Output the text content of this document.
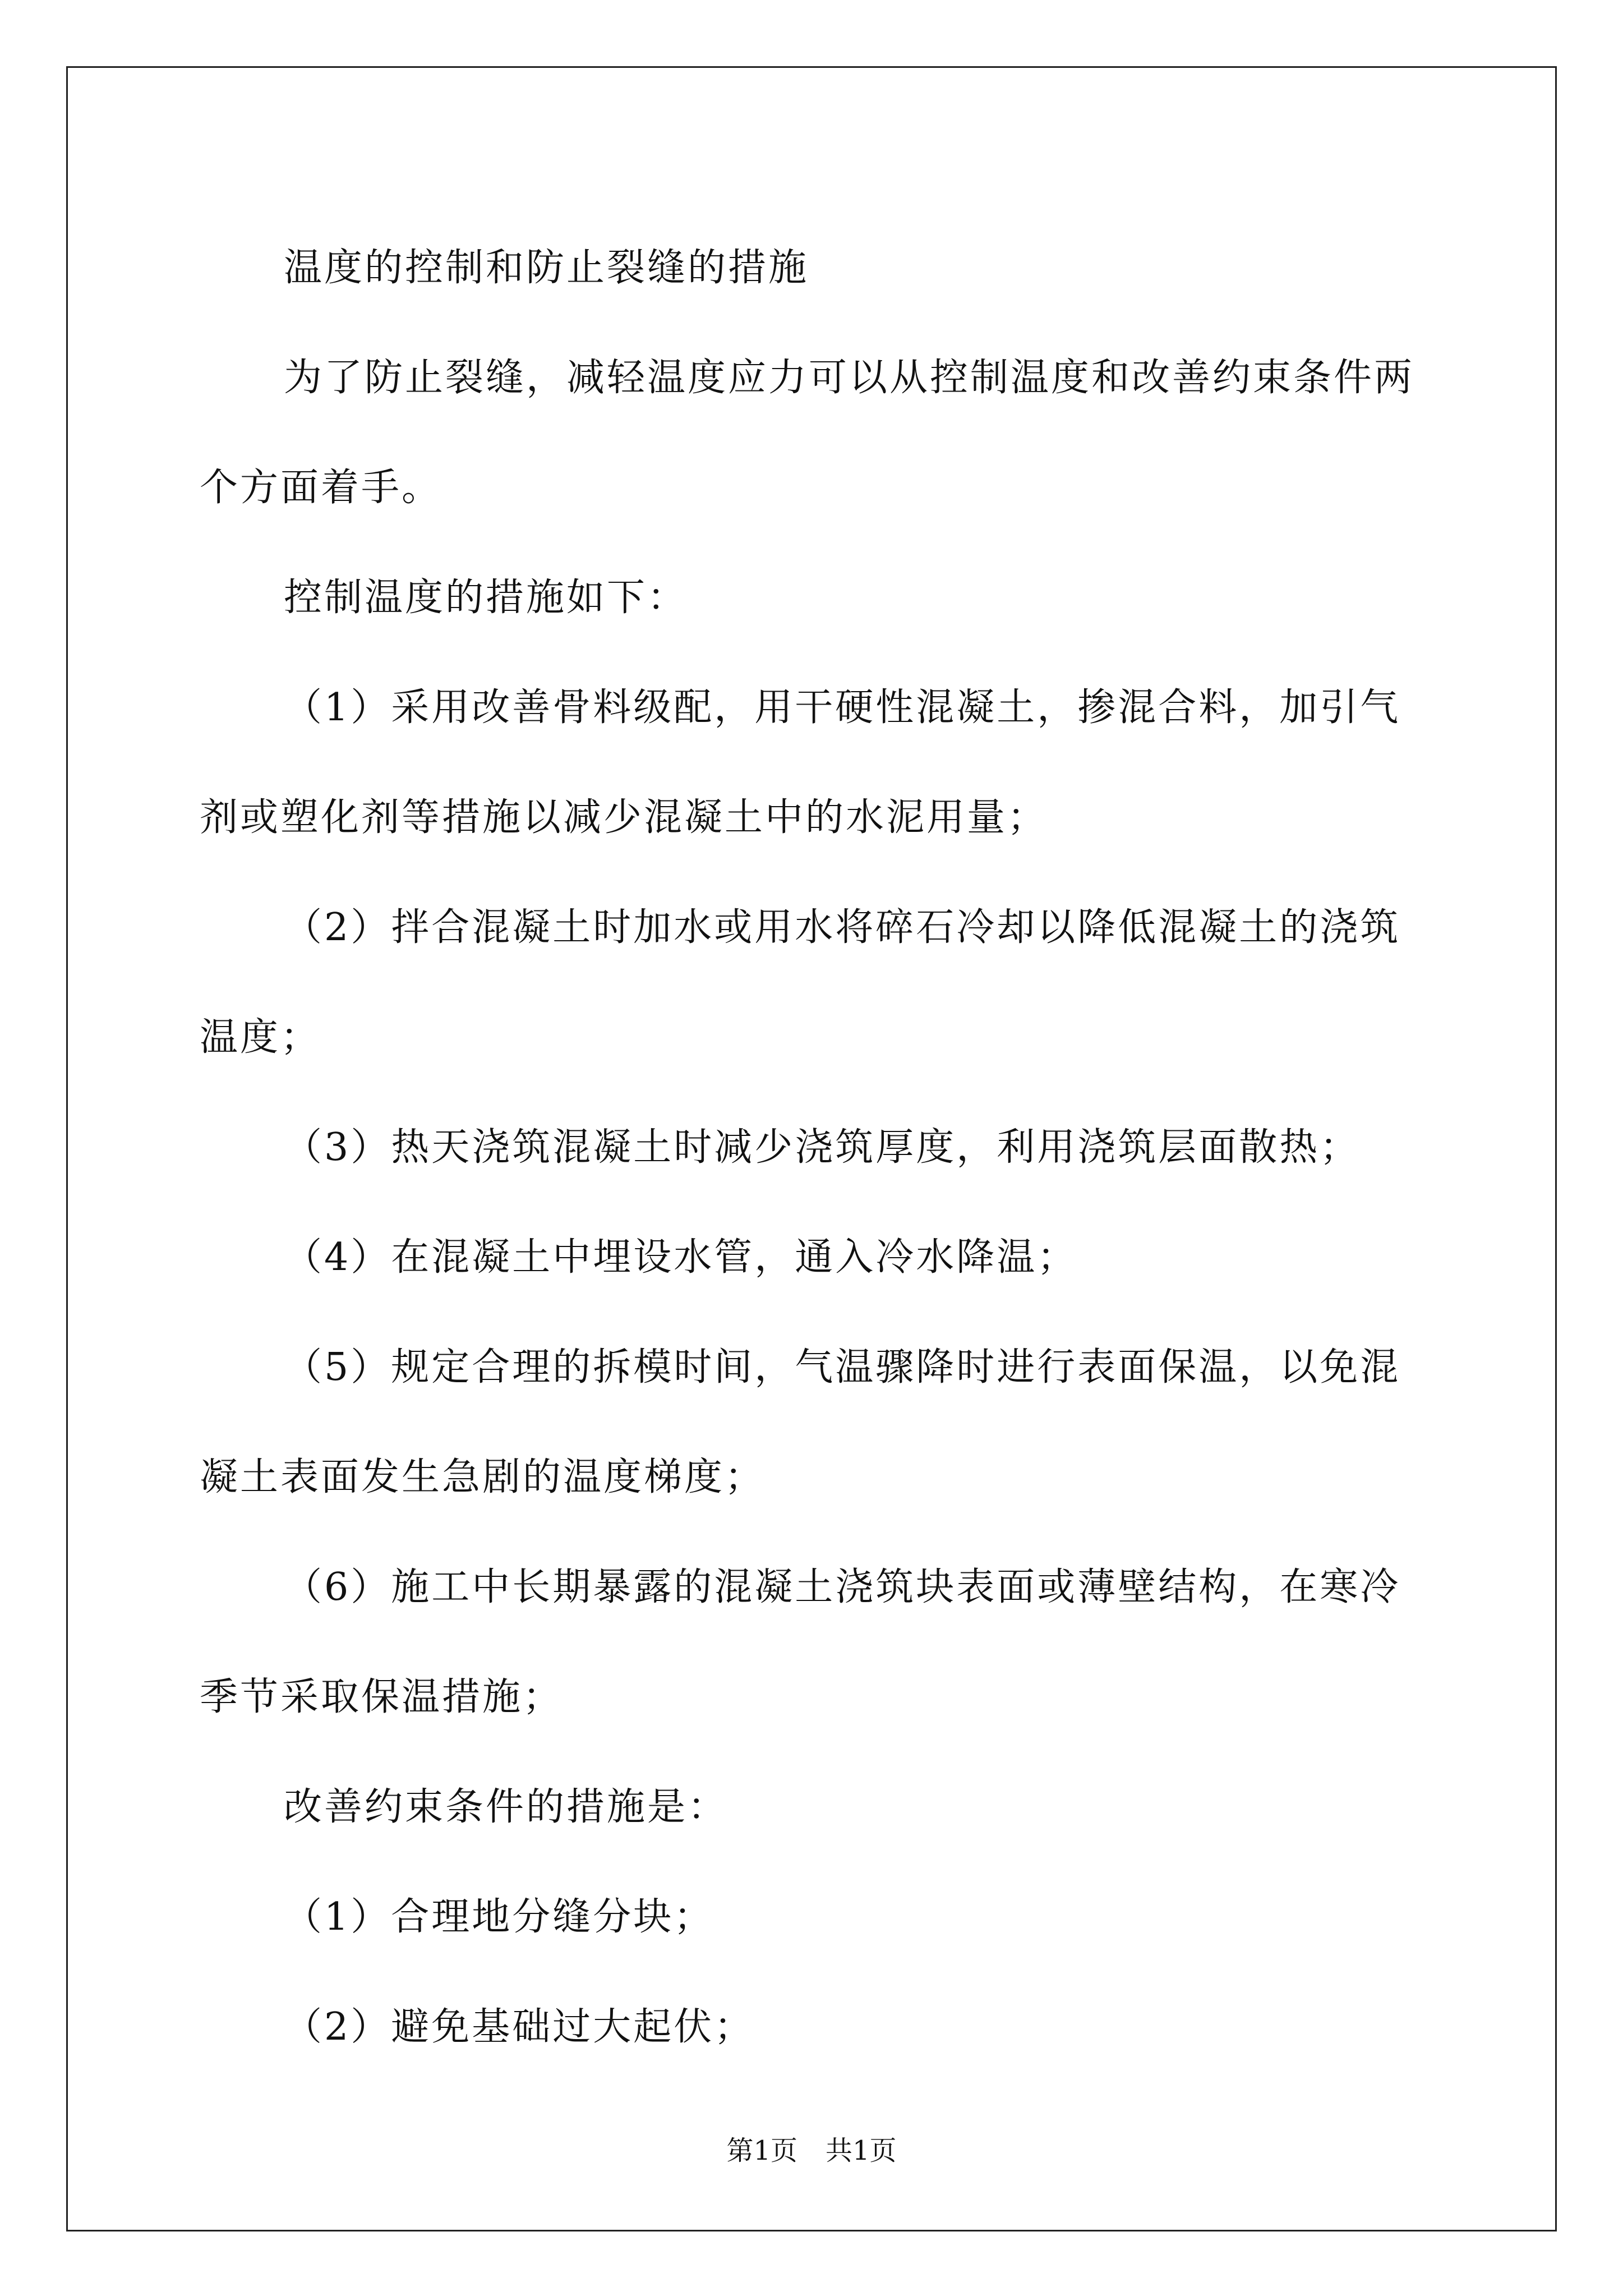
温度的控制和防止裂缝的措施

为了防止裂缝，减轻温度应力可以从控制温度和改善约束条件两个方面着手。

控制温度的措施如下：

（1）采用改善骨料级配，用干硬性混凝土，掺混合料，加引气剂或塑化剂等措施以减少混凝土中的水泥用量；

（2）拌合混凝土时加水或用水将碎石冷却以降低混凝土的浇筑温度；

（3）热天浇筑混凝土时减少浇筑厚度，利用浇筑层面散热；

（4）在混凝土中埋设水管，通入冷水降温；

（5）规定合理的拆模时间，气温骤降时进行表面保温，以免混凝土表面发生急剧的温度梯度；

（6）施工中长期暴露的混凝土浇筑块表面或薄壁结构，在寒冷季节采取保温措施；

改善约束条件的措施是：

（1）合理地分缝分块；

（2）避免基础过大起伏；

第1页 共1页
